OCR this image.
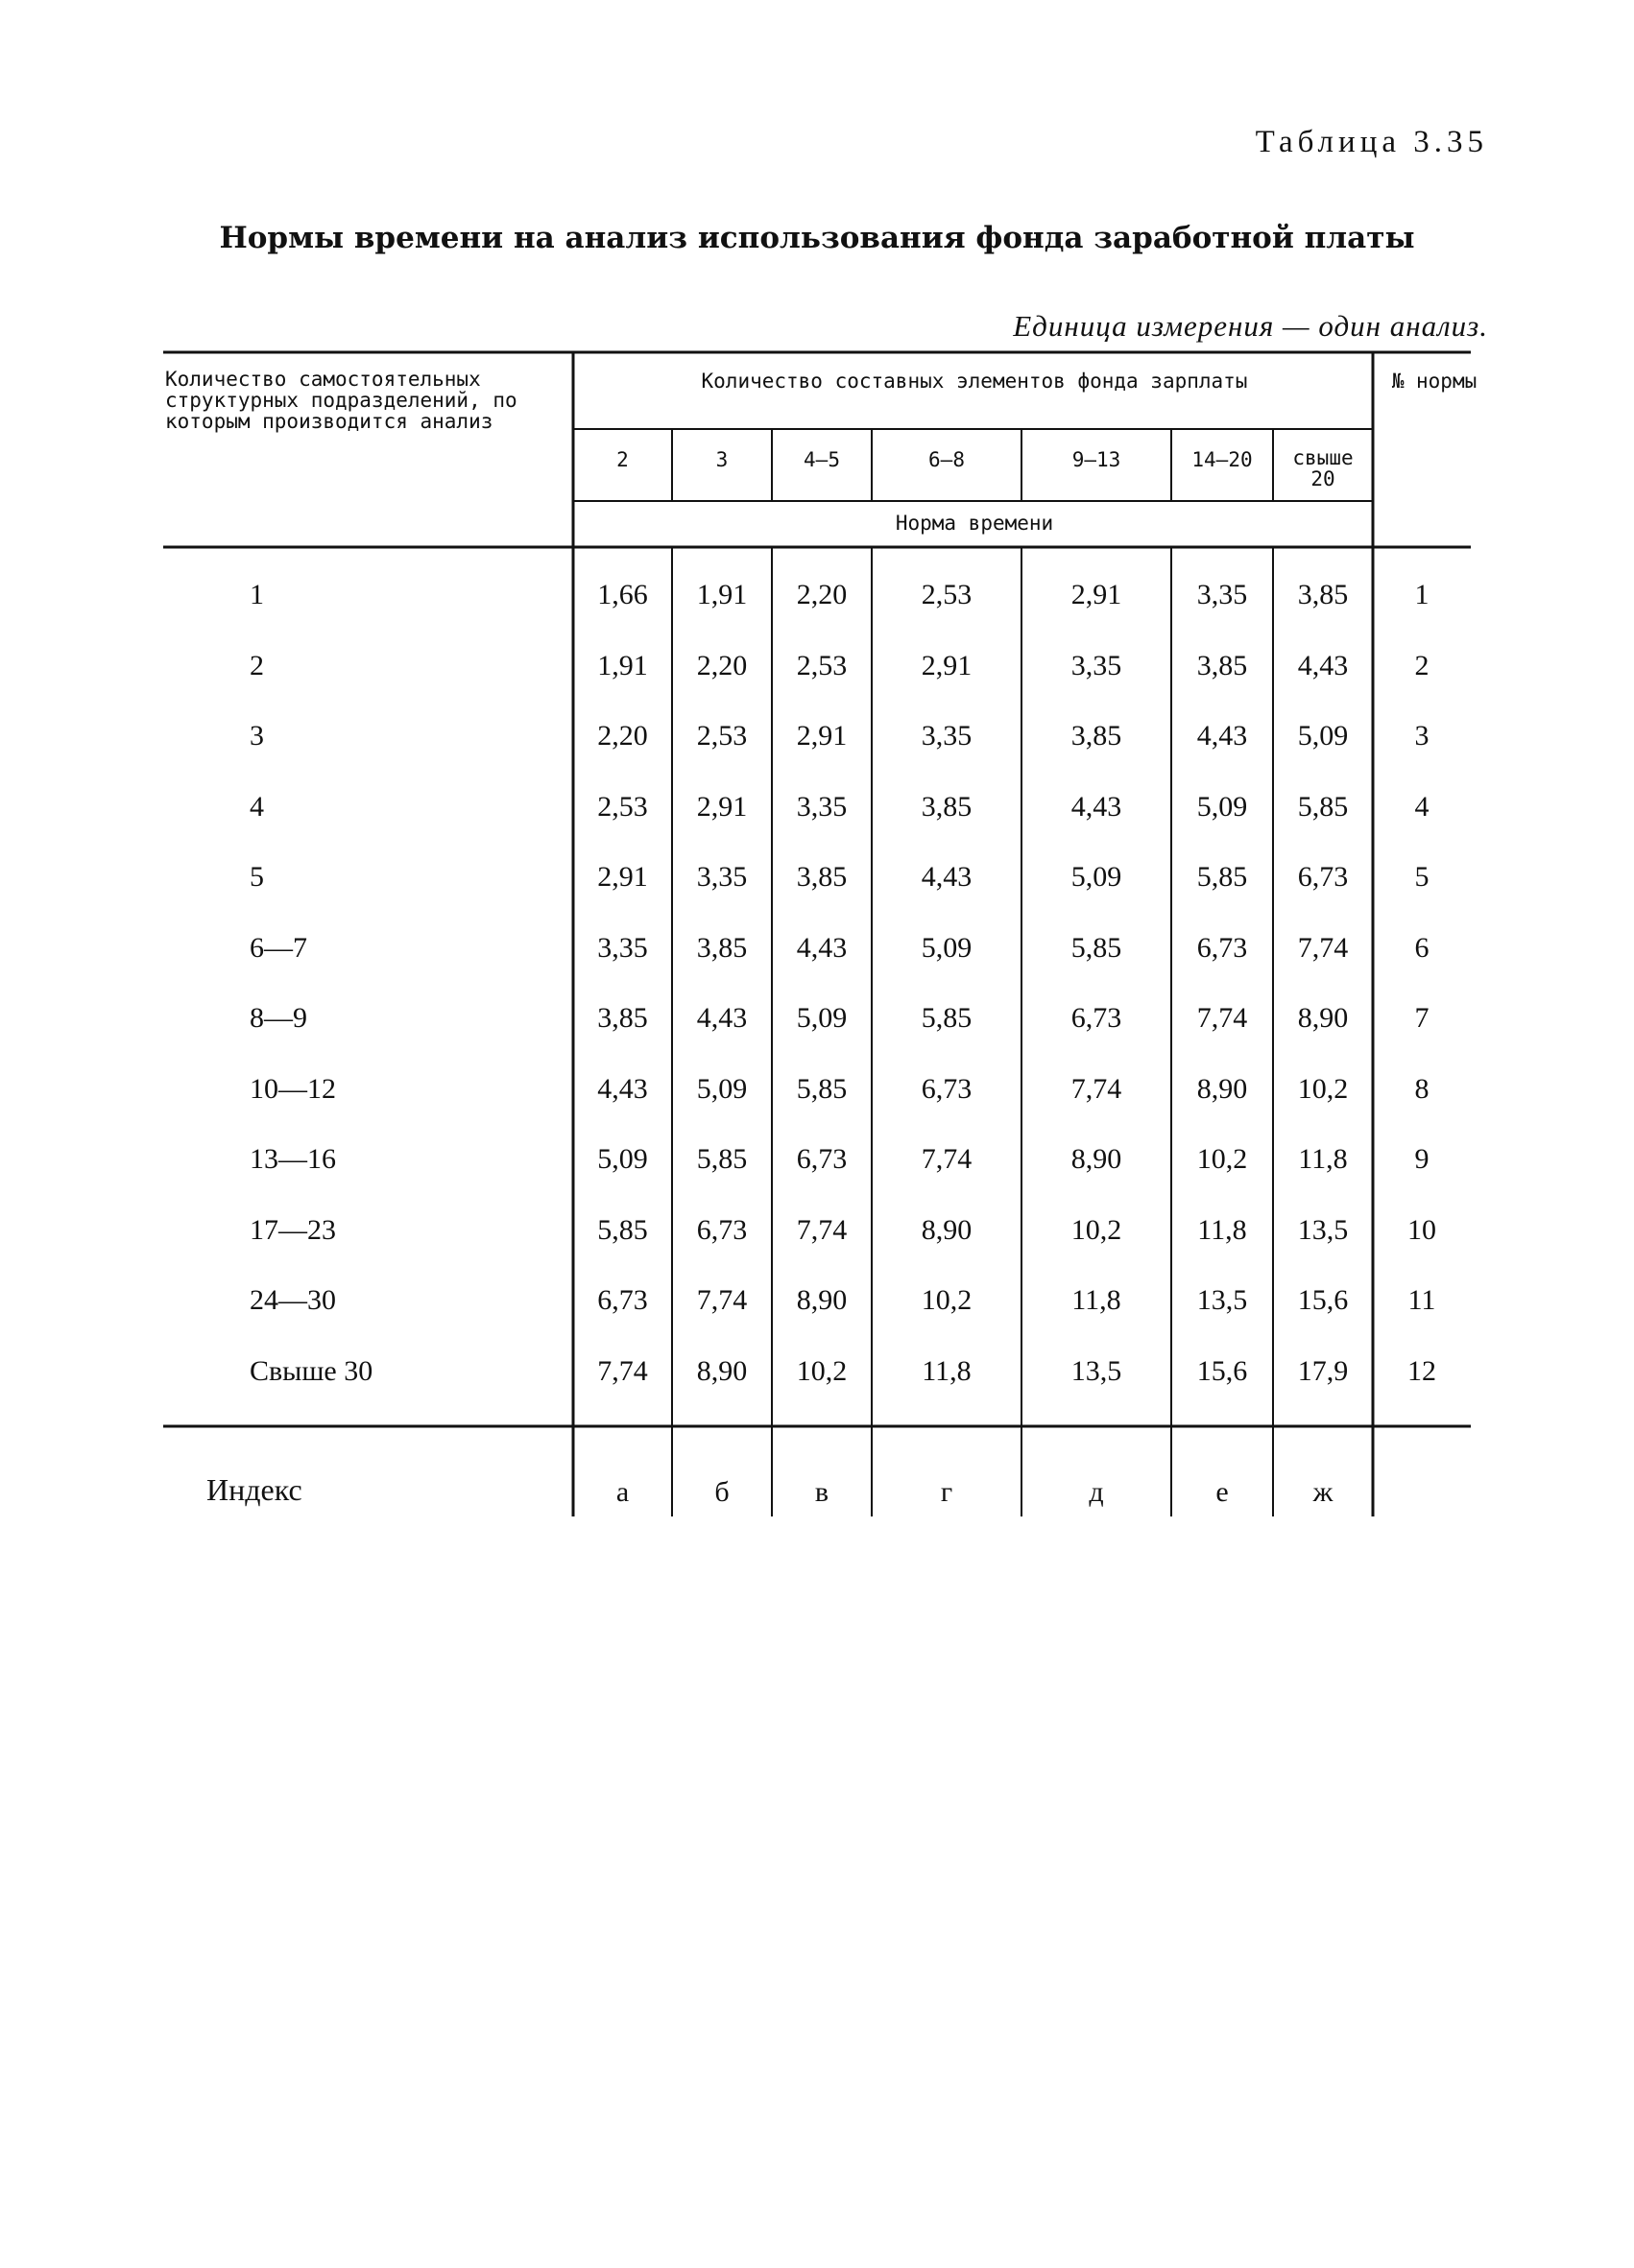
Таблица 3.35
Нормы времени на анализ использования фонда заработной платы
Единица измерения — один анализ.
Количество самостоятельных структурных подразделений, по которым производится анализ
Количество составных элементов фонда зарплаты	№ нормы
Норма времени
2	3	4—5	6—8	9—13	14—20	свыше 20
1	1,66	1,91	2,20	2,53	2,91	3,35	3,85	1
2	1,91	2,20	2,53	2,91	3,35	3,85	4,43	2
3	2,20	2,53	2,91	3,35	3,85	4,43	5,09	3
4	2,53	2,91	3,35	3,85	4,43	5,09	5,85	4
5	2,91	3,35	3,85	4,43	5,09	5,85	6,73	5
6—7	3,35	3,85	4,43	5,09	5,85	6,73	7,74	6
8—9	3,85	4,43	5,09	5,85	6,73	7,74	8,90	7
10—12	4,43	5,09	5,85	6,73	7,74	8,90	10,2	8
13—16	5,09	5,85	6,73	7,74	8,90	10,2	11,8	9
17—23	5,85	6,73	7,74	8,90	10,2	11,8	13,5	10
24—30	6,73	7,74	8,90	10,2	11,8	13,5	15,6	11
Свыше 30	7,74	8,90	10,2	11,8	13,5	15,6	17,9	12
Индекс	а	б	в	г	д	е	ж
